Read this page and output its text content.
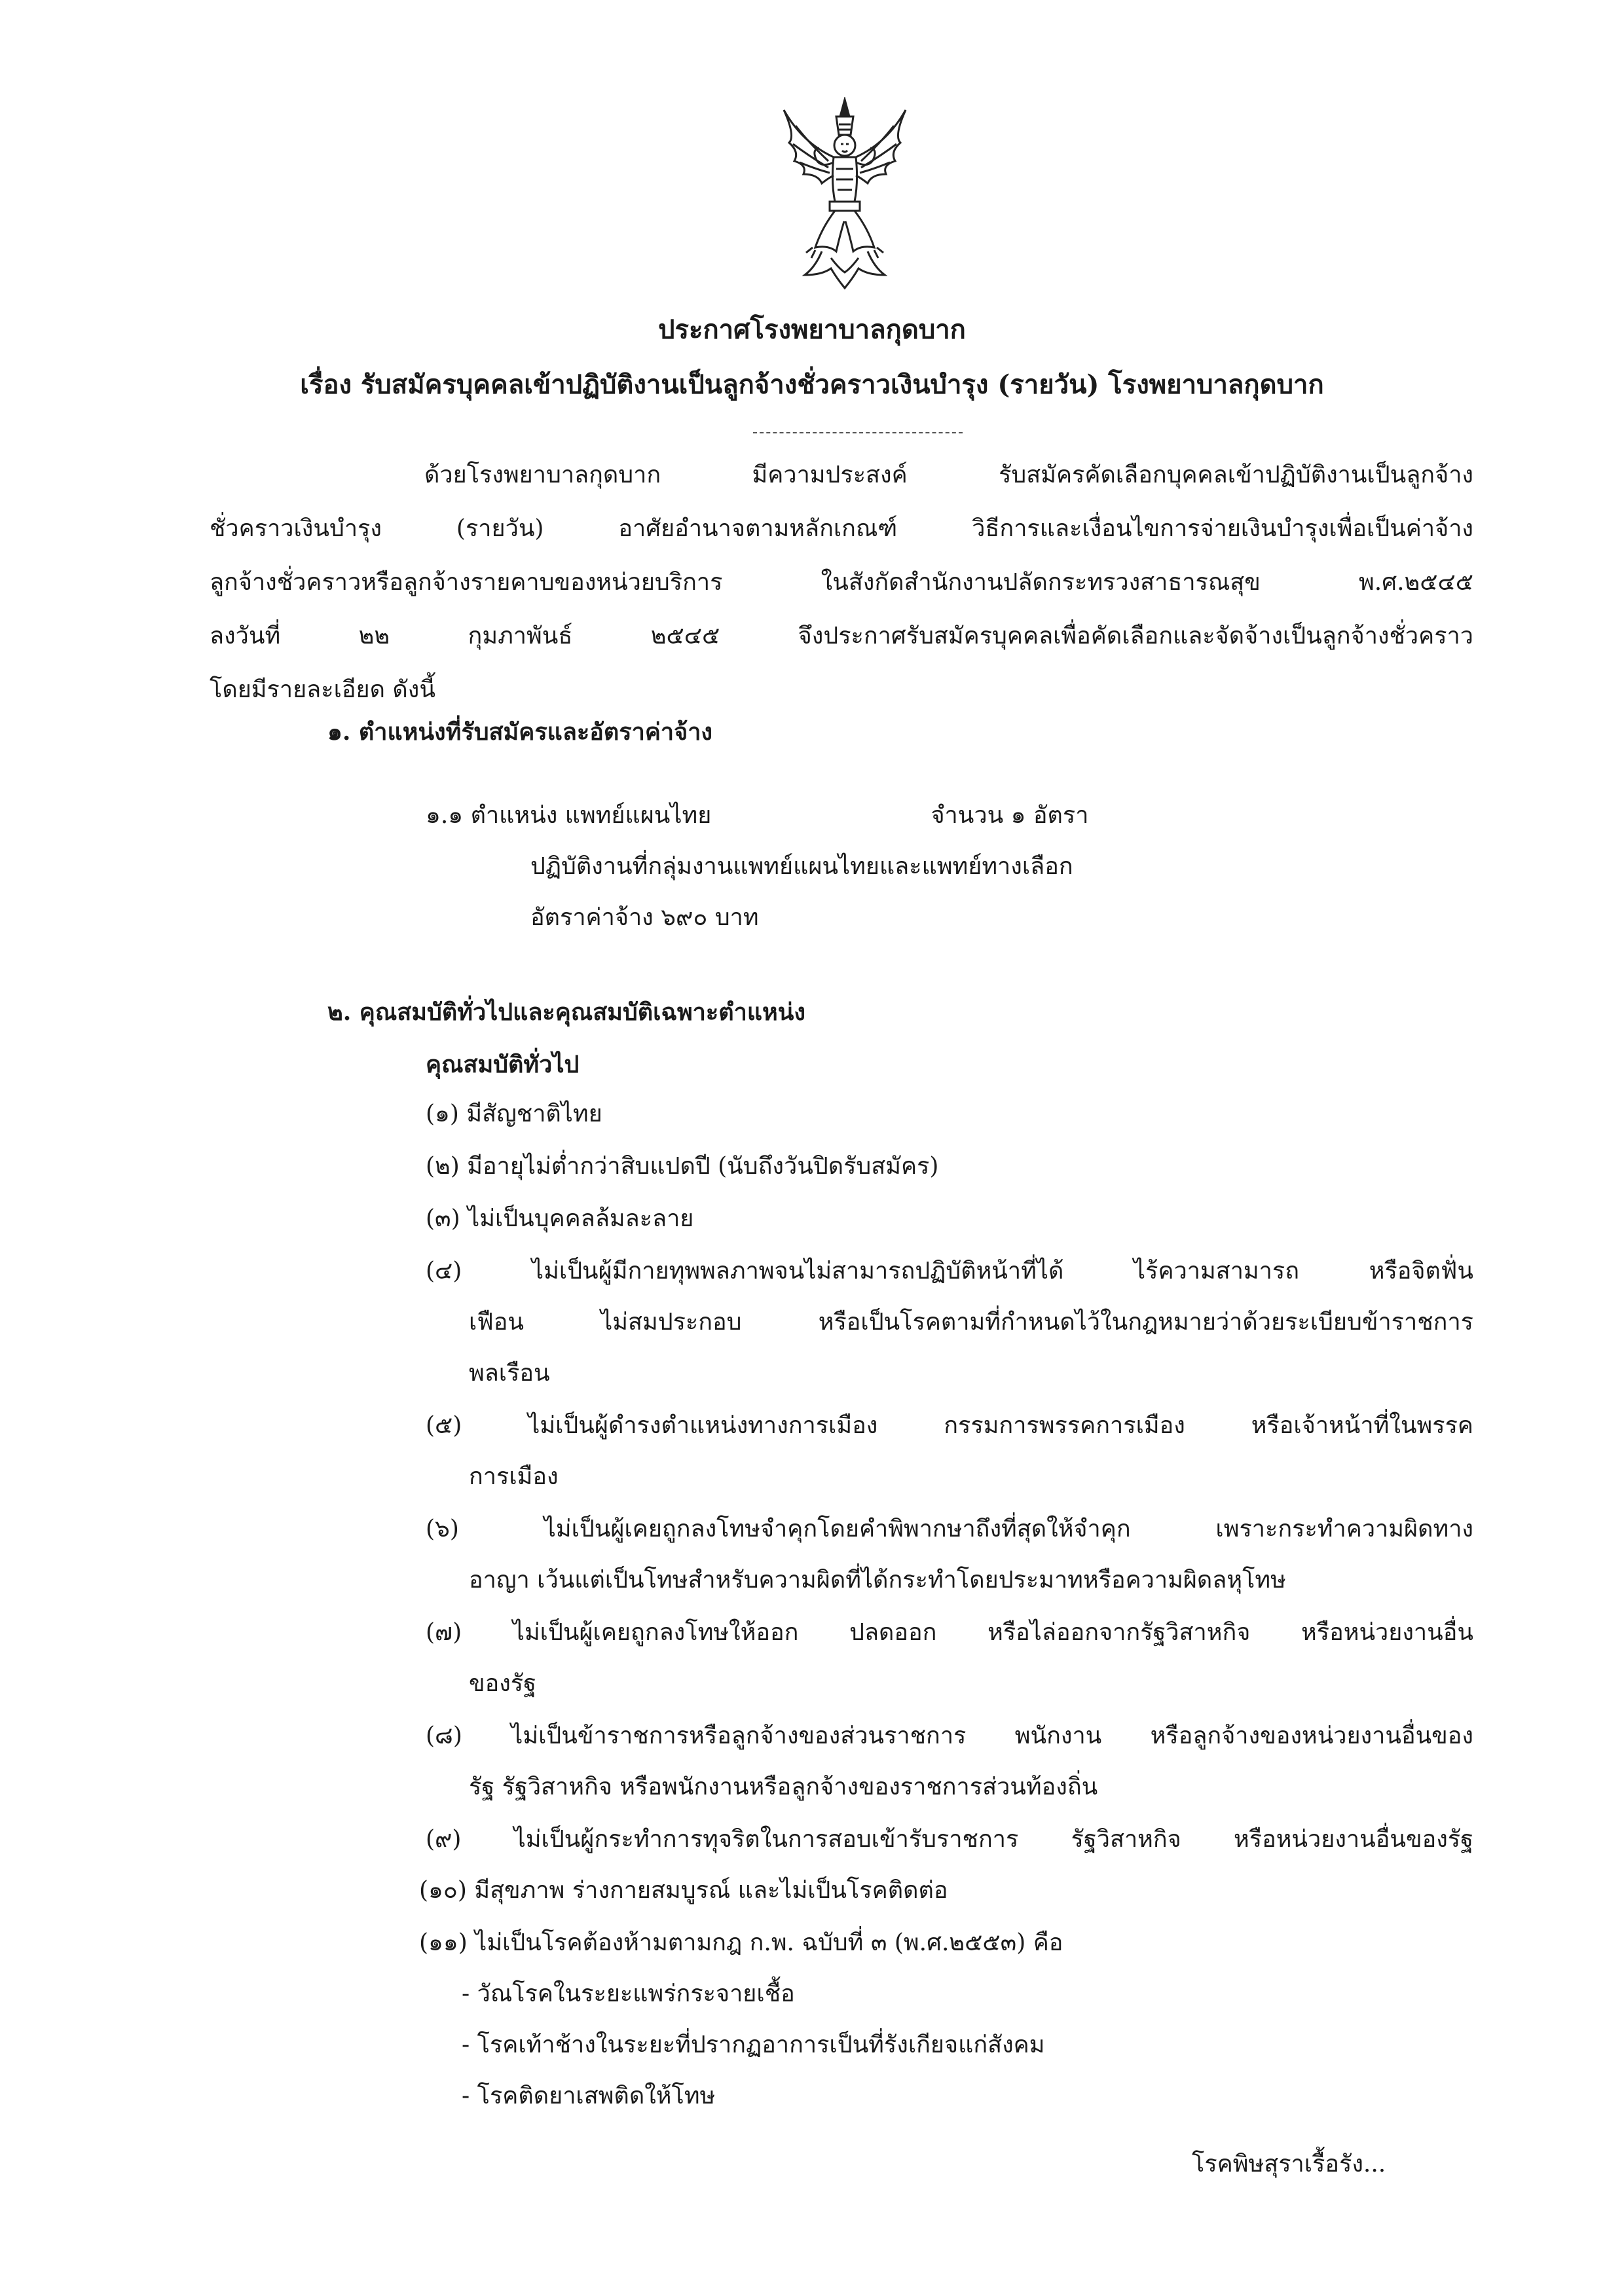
ประกาศโรงพยาบาลกุดบาก
เรื่อง รับสมัครบุคคลเข้าปฏิบัติงานเป็นลูกจ้างชั่วคราวเงินบำรุง (รายวัน) โรงพยาบาลกุดบาก
ด้วยโรงพยาบาลกุดบาก มีความประสงค์ รับสมัครคัดเลือกบุคคลเข้าปฏิบัติงานเป็นลูกจ้าง
ชั่วคราวเงินบำรุง (รายวัน) อาศัยอำนาจตามหลักเกณฑ์ วิธีการและเงื่อนไขการจ่ายเงินบำรุงเพื่อเป็นค่าจ้าง
ลูกจ้างชั่วคราวหรือลูกจ้างรายคาบของหน่วยบริการ ในสังกัดสำนักงานปลัดกระทรวงสาธารณสุข พ.ศ.๒๕๔๕
ลงวันที่ ๒๒ กุมภาพันธ์ ๒๕๔๕ จึงประกาศรับสมัครบุคคลเพื่อคัดเลือกและจัดจ้างเป็นลูกจ้างชั่วคราว
โดยมีรายละเอียด ดังนี้
๑. ตำแหน่งที่รับสมัครและอัตราค่าจ้าง
๑.๑ ตำแหน่ง แพทย์แผนไทย	จำนวน ๑ อัตรา
ปฏิบัติงานที่กลุ่มงานแพทย์แผนไทยและแพทย์ทางเลือก
อัตราค่าจ้าง ๖๙๐ บาท
๒. คุณสมบัติทั่วไปและคุณสมบัติเฉพาะตำแหน่ง
คุณสมบัติทั่วไป
(๑) มีสัญชาติไทย
(๒) มีอายุไม่ต่ำกว่าสิบแปดปี (นับถึงวันปิดรับสมัคร)
(๓) ไม่เป็นบุคคลล้มละลาย
(๔) ไม่เป็นผู้มีกายทุพพลภาพจนไม่สามารถปฏิบัติหน้าที่ได้ ไร้ความสามารถ หรือจิตฟั่น
เฟือน ไม่สมประกอบ หรือเป็นโรคตามที่กำหนดไว้ในกฎหมายว่าด้วยระเบียบข้าราชการ
พลเรือน
(๕) ไม่เป็นผู้ดำรงตำแหน่งทางการเมือง กรรมการพรรคการเมือง หรือเจ้าหน้าที่ในพรรค
การเมือง
(๖) ไม่เป็นผู้เคยถูกลงโทษจำคุกโดยคำพิพากษาถึงที่สุดให้จำคุก เพราะกระทำความผิดทาง
อาญา เว้นแต่เป็นโทษสำหรับความผิดที่ได้กระทำโดยประมาทหรือความผิดลหุโทษ
(๗) ไม่เป็นผู้เคยถูกลงโทษให้ออก ปลดออก หรือไล่ออกจากรัฐวิสาหกิจ หรือหน่วยงานอื่น
ของรัฐ
(๘) ไม่เป็นข้าราชการหรือลูกจ้างของส่วนราชการ พนักงาน หรือลูกจ้างของหน่วยงานอื่นของ
รัฐ รัฐวิสาหกิจ หรือพนักงานหรือลูกจ้างของราชการส่วนท้องถิ่น
(๙) ไม่เป็นผู้กระทำการทุจริตในการสอบเข้ารับราชการ รัฐวิสาหกิจ หรือหน่วยงานอื่นของรัฐ
(๑๐) มีสุขภาพ ร่างกายสมบูรณ์ และไม่เป็นโรคติดต่อ
(๑๑) ไม่เป็นโรคต้องห้ามตามกฎ ก.พ. ฉบับที่ ๓ (พ.ศ.๒๕๕๓) คือ
- วัณโรคในระยะแพร่กระจายเชื้อ
- โรคเท้าช้างในระยะที่ปรากฏอาการเป็นที่รังเกียจแก่สังคม
- โรคติดยาเสพติดให้โทษ
โรคพิษสุราเรื้อรัง...
